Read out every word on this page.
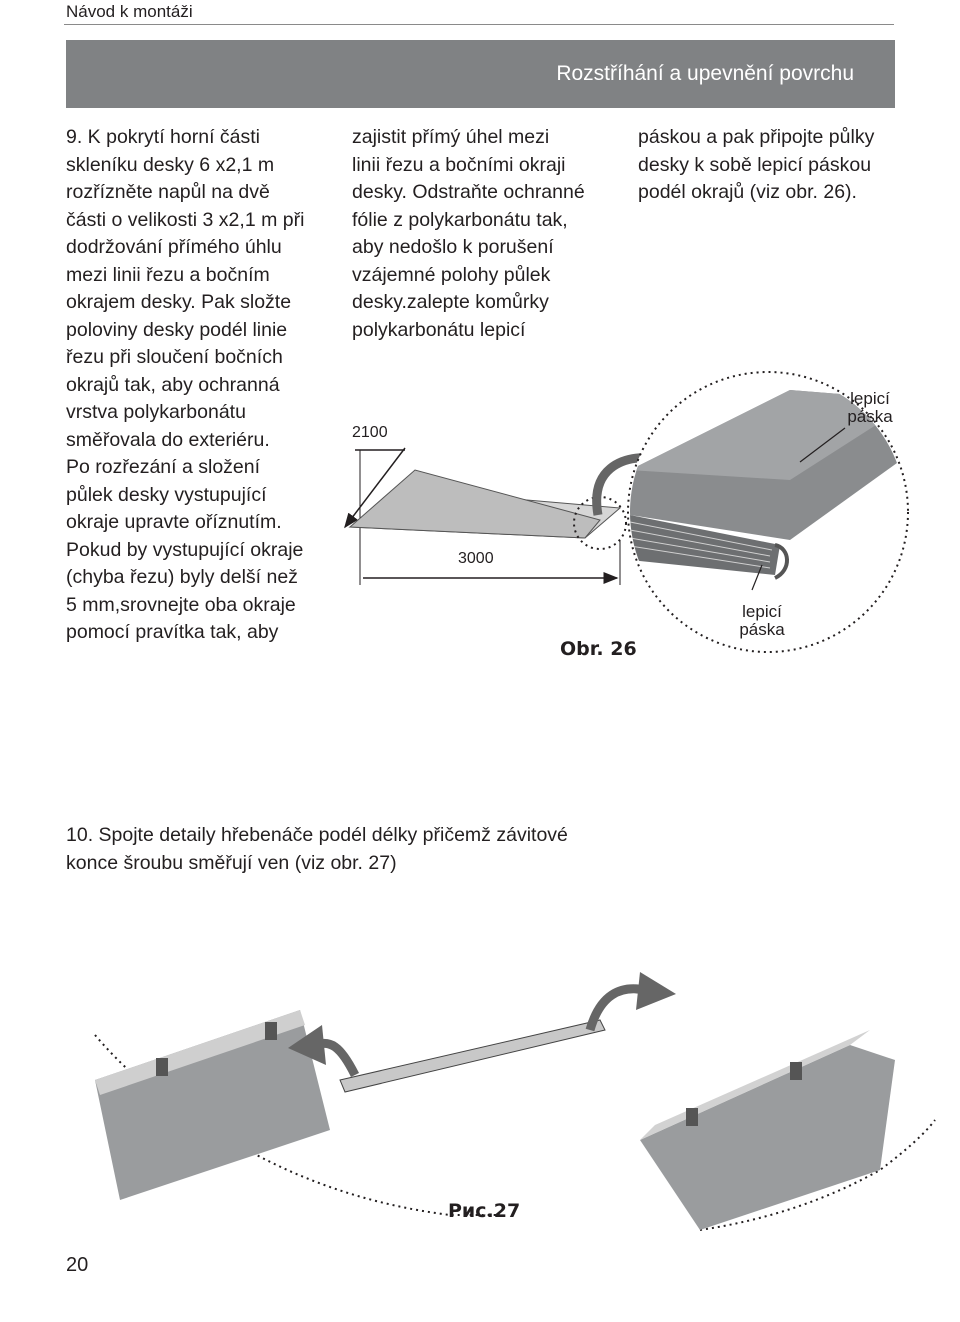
Návod k montáži
Rozstříhání a upevnění povrchu
9. K pokrytí horní části
skleníku desky 6 x2,1 m
rozřízněte napůl na dvě
části o velikosti 3 x2,1 m při
dodržování přímého úhlu
mezi linii řezu a bočním
okrajem desky. Pak složte
poloviny desky podél linie
řezu při sloučení bočních
okrajů tak, aby ochranná
vrstva polykarbonátu
směřovala do exteriéru.
Po rozřezání a složení
půlek desky vystupující
okraje upravte oříznutím.
Pokud by vystupující okraje
(chyba řezu) byly delší než
5 mm,srovnejte oba okraje
pomocí pravítka tak, aby
zajistit přímý úhel mezi
linii řezu a bočními okraji
desky. Odstraňte ochranné
fólie z polykarbonátu tak,
aby nedošlo k porušení
vzájemné polohy půlek
desky.zalepte komůrky
polykarbonátu lepicí
páskou a pak připojte půlky
desky k sobě lepicí páskou
podél okrajů (viz obr. 26).
2100
3000
lepicí
páska
lepicí
páska
Obr. 26
10. Spojte detaily hřebenáče podél délky přičemž závitové
konce šroubu směřují ven (viz obr. 27)
Рис.27
20
